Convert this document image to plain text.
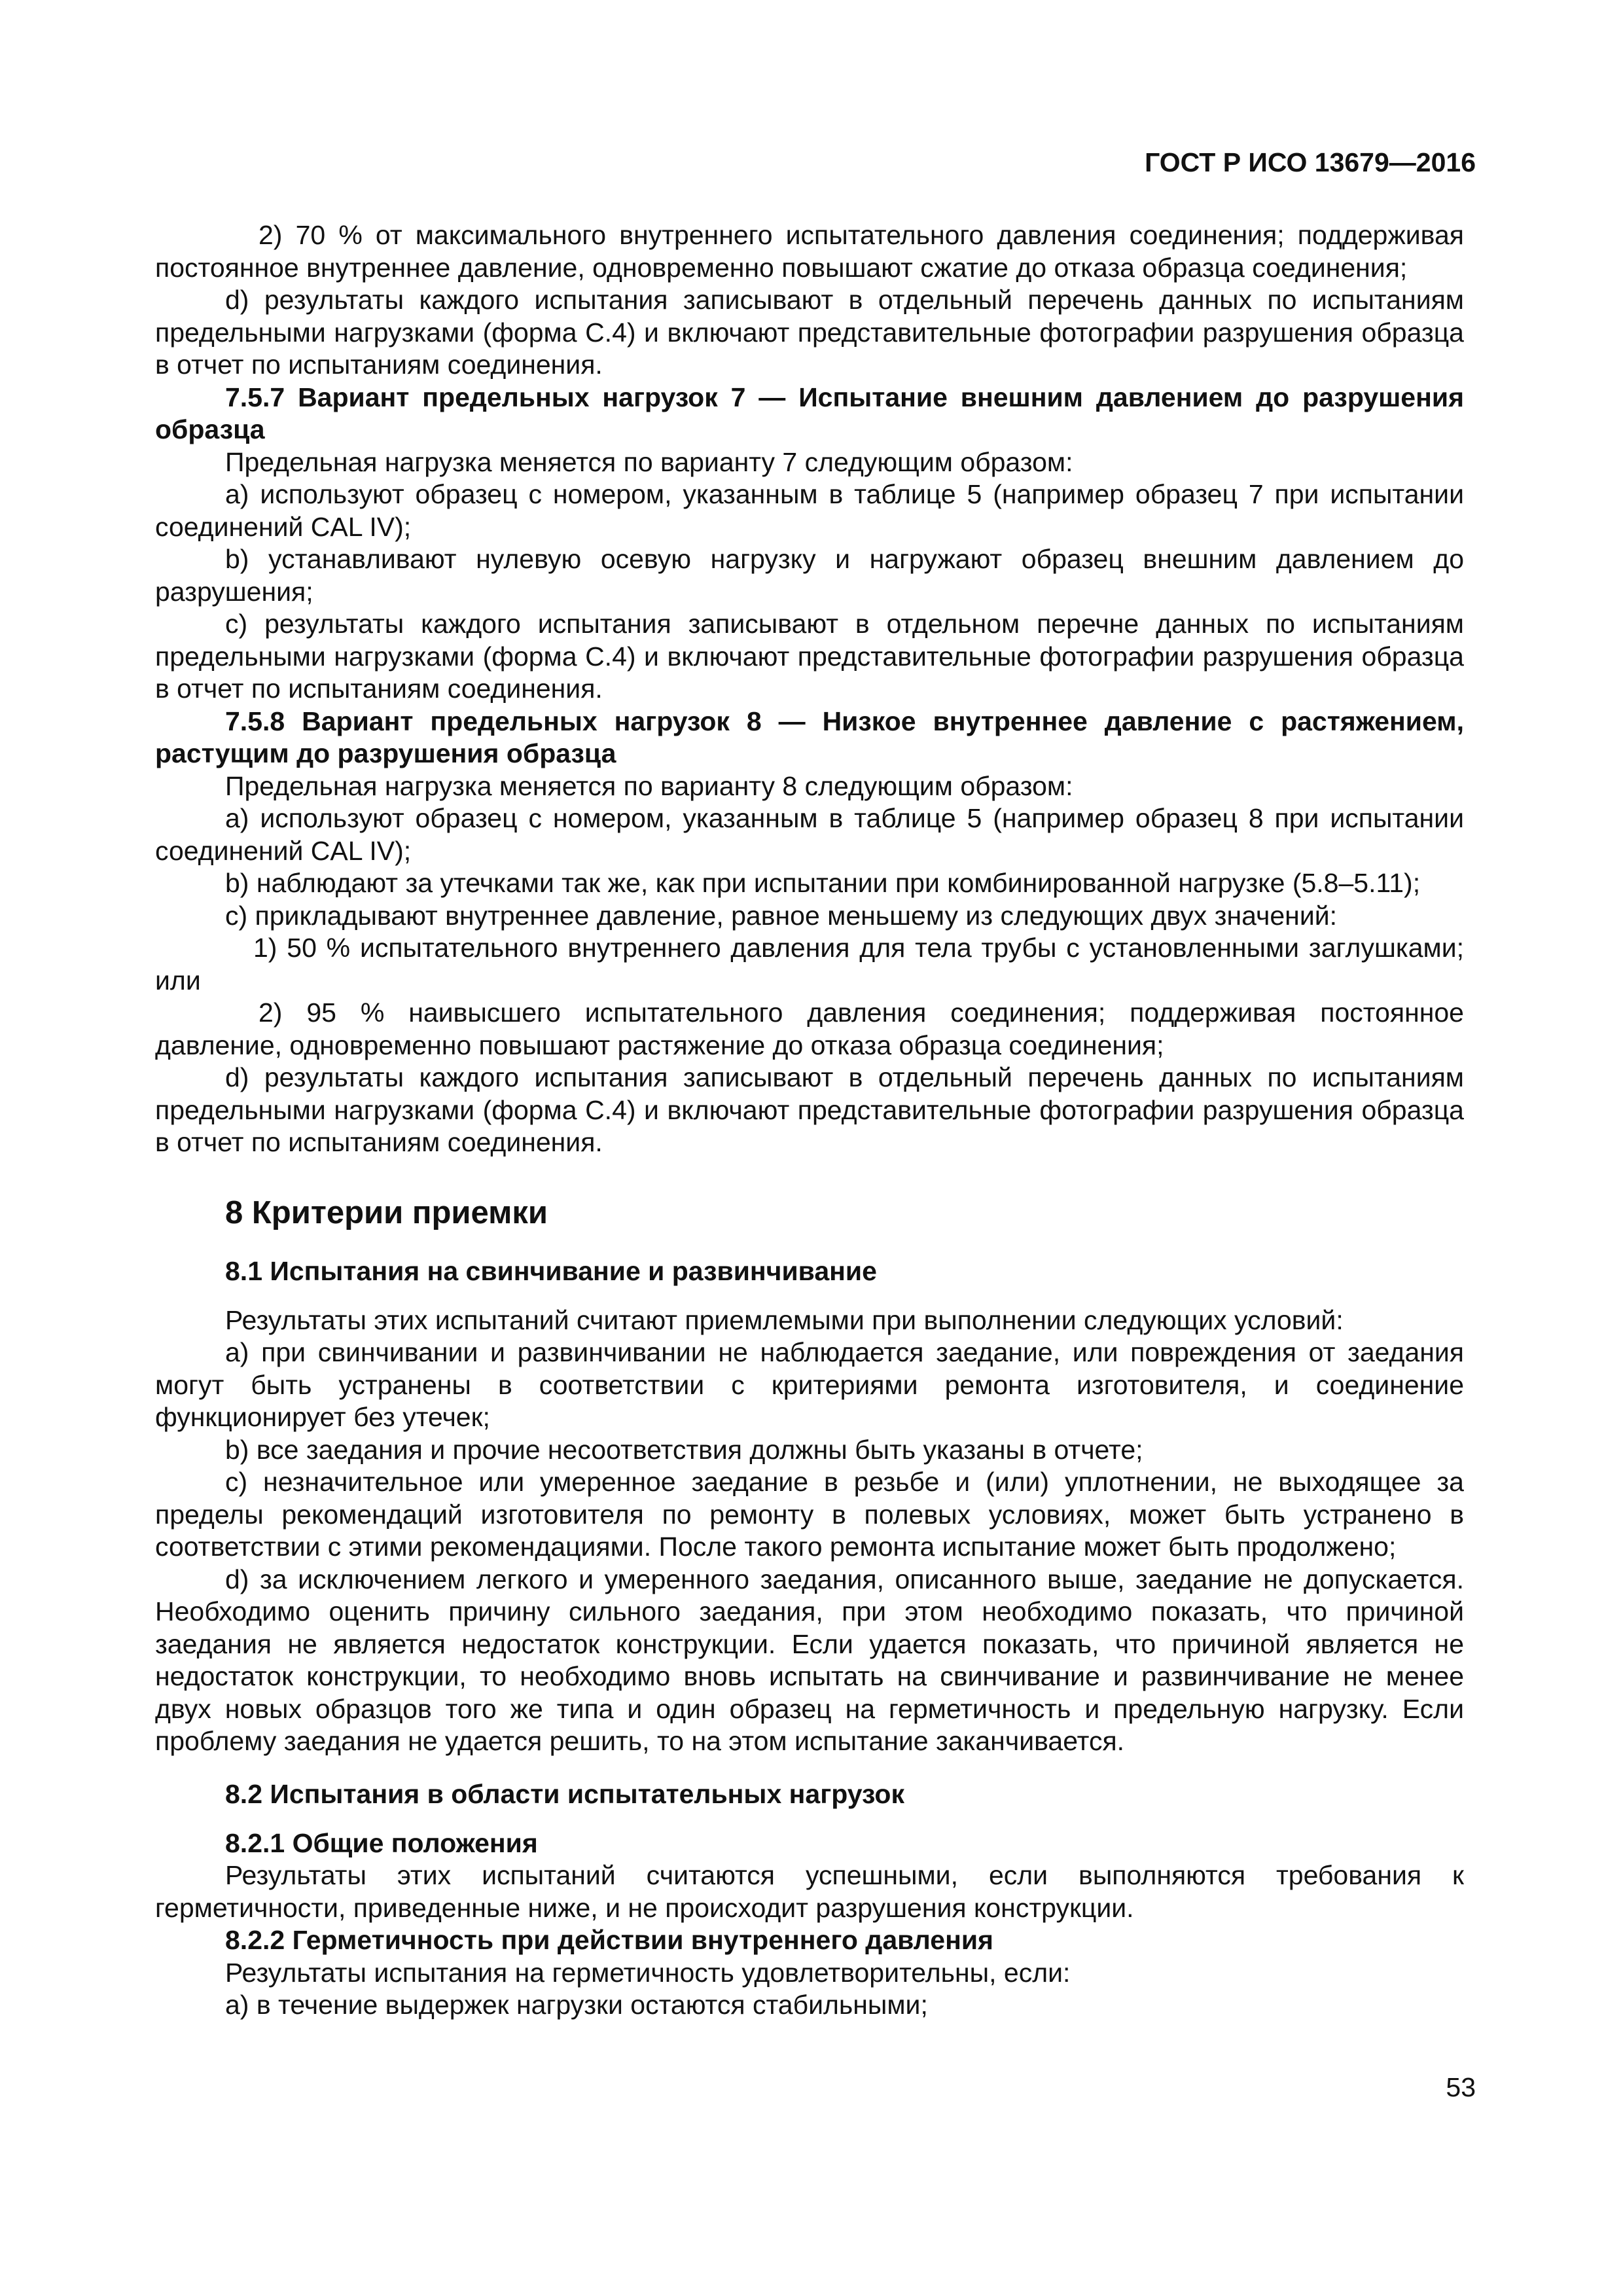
ГОСТ Р ИСО 13679—2016

2) 70 % от максимального внутреннего испытательного давления соединения; поддерживая постоянное внутреннее давление, одновременно повышают сжатие до отказа образца соединения;

d) результаты каждого испытания записывают в отдельный перечень данных по испытаниям предельными нагрузками (форма C.4) и включают представительные фотографии разрушения образца в отчет по испытаниям соединения.

7.5.7 Вариант предельных нагрузок 7 — Испытание внешним давлением до разрушения образца

Предельная нагрузка меняется по варианту 7 следующим образом:

a) используют образец с номером, указанным в таблице 5 (например образец 7 при испытании соединений CAL IV);

b) устанавливают нулевую осевую нагрузку и нагружают образец внешним давлением до разрушения;

c) результаты каждого испытания записывают в отдельном перечне данных по испытаниям предельными нагрузками (форма C.4) и включают представительные фотографии разрушения образца в отчет по испытаниям соединения.

7.5.8 Вариант предельных нагрузок 8 — Низкое внутреннее давление с растяжением, растущим до разрушения образца

Предельная нагрузка меняется по варианту 8 следующим образом:

a) используют образец с номером, указанным в таблице 5 (например образец 8 при испытании соединений CAL IV);

b) наблюдают за утечками так же, как при испытании при комбинированной нагрузке (5.8–5.11);

c) прикладывают внутреннее давление, равное меньшему из следующих двух значений:

1) 50 % испытательного внутреннего давления для тела трубы с установленными заглушками; или

2) 95 % наивысшего испытательного давления соединения; поддерживая постоянное давление, одновременно повышают растяжение до отказа образца соединения;

d) результаты каждого испытания записывают в отдельный перечень данных по испытаниям предельными нагрузками (форма C.4) и включают представительные фотографии разрушения образца в отчет по испытаниям соединения.

8 Критерии приемки
8.1 Испытания на свинчивание и развинчивание

Результаты этих испытаний считают приемлемыми при выполнении следующих условий:

a) при свинчивании и развинчивании не наблюдается заедание, или повреждения от заедания могут быть устранены в соответствии с критериями ремонта изготовителя, и соединение функционирует без утечек;

b) все заедания и прочие несоответствия должны быть указаны в отчете;

c) незначительное или умеренное заедание в резьбе и (или) уплотнении, не выходящее за пределы рекомендаций изготовителя по ремонту в полевых условиях, может быть устранено в соответствии с этими рекомендациями. После такого ремонта испытание может быть продолжено;

d) за исключением легкого и умеренного заедания, описанного выше, заедание не допускается. Необходимо оценить причину сильного заедания, при этом необходимо показать, что причиной заедания не является недостаток конструкции. Если удается показать, что причиной является не недостаток конструкции, то необходимо вновь испытать на свинчивание и развинчивание не менее двух новых образцов того же типа и один образец на герметичность и предельную нагрузку. Если проблему заедания не удается решить, то на этом испытание заканчивается.

8.2 Испытания в области испытательных нагрузок

8.2.1 Общие положения

Результаты этих испытаний считаются успешными, если выполняются требования к герметичности, приведенные ниже, и не происходит разрушения конструкции.

8.2.2 Герметичность при действии внутреннего давления

Результаты испытания на герметичность удовлетворительны, если:

a) в течение выдержек нагрузки остаются стабильными;

53
